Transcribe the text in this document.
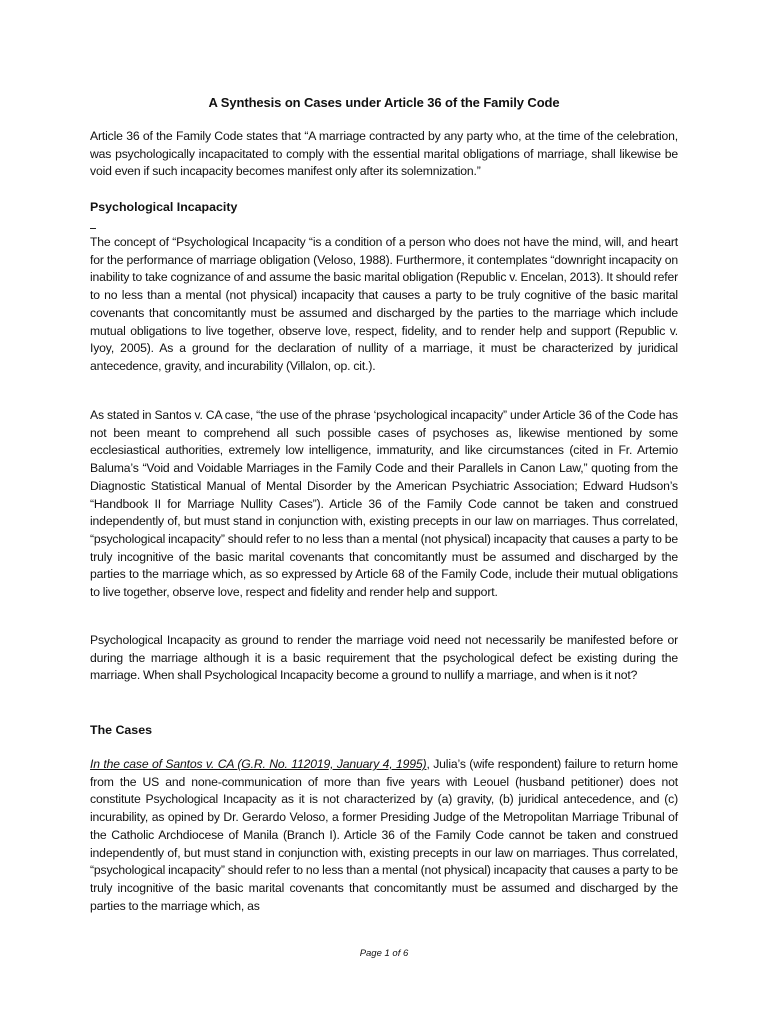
A Synthesis on Cases under Article 36 of the Family Code
Article 36 of the Family Code states that “A marriage contracted by any party who, at the time of the celebration, was psychologically incapacitated to comply with the essential marital obligations of marriage, shall likewise be void even if such incapacity becomes manifest only after its solemnization.”
Psychological Incapacity
The concept of “Psychological Incapacity “is a condition of a person who does not have the mind, will, and heart for the performance of marriage obligation (Veloso, 1988). Furthermore, it contemplates “downright incapacity on inability to take cognizance of and assume the basic marital obligation (Republic v. Encelan, 2013). It should refer to no less than a mental (not physical) incapacity that causes a party to be truly cognitive of the basic marital covenants that concomitantly must be assumed and discharged by the parties to the marriage which include mutual obligations to live together, observe love, respect, fidelity, and to render help and support (Republic v. Iyoy, 2005). As a ground for the declaration of nullity of a marriage, it must be characterized by juridical antecedence, gravity, and incurability (Villalon, op. cit.).
As stated in Santos v. CA case, “the use of the phrase ‘psychological incapacity” under Article 36 of the Code has not been meant to comprehend all such possible cases of psychoses as, likewise mentioned by some ecclesiastical authorities, extremely low intelligence, immaturity, and like circumstances (cited in Fr. Artemio Baluma’s “Void and Voidable Marriages in the Family Code and their Parallels in Canon Law,” quoting from the Diagnostic Statistical Manual of Mental Disorder by the American Psychiatric Association; Edward Hudson’s “Handbook II for Marriage Nullity Cases”). Article 36 of the Family Code cannot be taken and construed independently of, but must stand in conjunction with, existing precepts in our law on marriages. Thus correlated, “psychological incapacity” should refer to no less than a mental (not physical) incapacity that causes a party to be truly incognitive of the basic marital covenants that concomitantly must be assumed and discharged by the parties to the marriage which, as so expressed by Article 68 of the Family Code, include their mutual obligations to live together, observe love, respect and fidelity and render help and support.
Psychological Incapacity as ground to render the marriage void need not necessarily be manifested before or during the marriage although it is a basic requirement that the psychological defect be existing during the marriage. When shall Psychological Incapacity become a ground to nullify a marriage, and when is it not?
The Cases
In the case of Santos v. CA (G.R. No. 112019, January 4, 1995), Julia’s (wife respondent) failure to return home from the US and none-communication of more than five years with Leouel (husband petitioner) does not constitute Psychological Incapacity as it is not characterized by (a) gravity, (b) juridical antecedence, and (c) incurability, as opined by Dr. Gerardo Veloso, a former Presiding Judge of the Metropolitan Marriage Tribunal of the Catholic Archdiocese of Manila (Branch I). Article 36 of the Family Code cannot be taken and construed independently of, but must stand in conjunction with, existing precepts in our law on marriages. Thus correlated, “psychological incapacity” should refer to no less than a mental (not physical) incapacity that causes a party to be truly incognitive of the basic marital covenants that concomitantly must be assumed and discharged by the parties to the marriage which, as
Page 1 of 6
